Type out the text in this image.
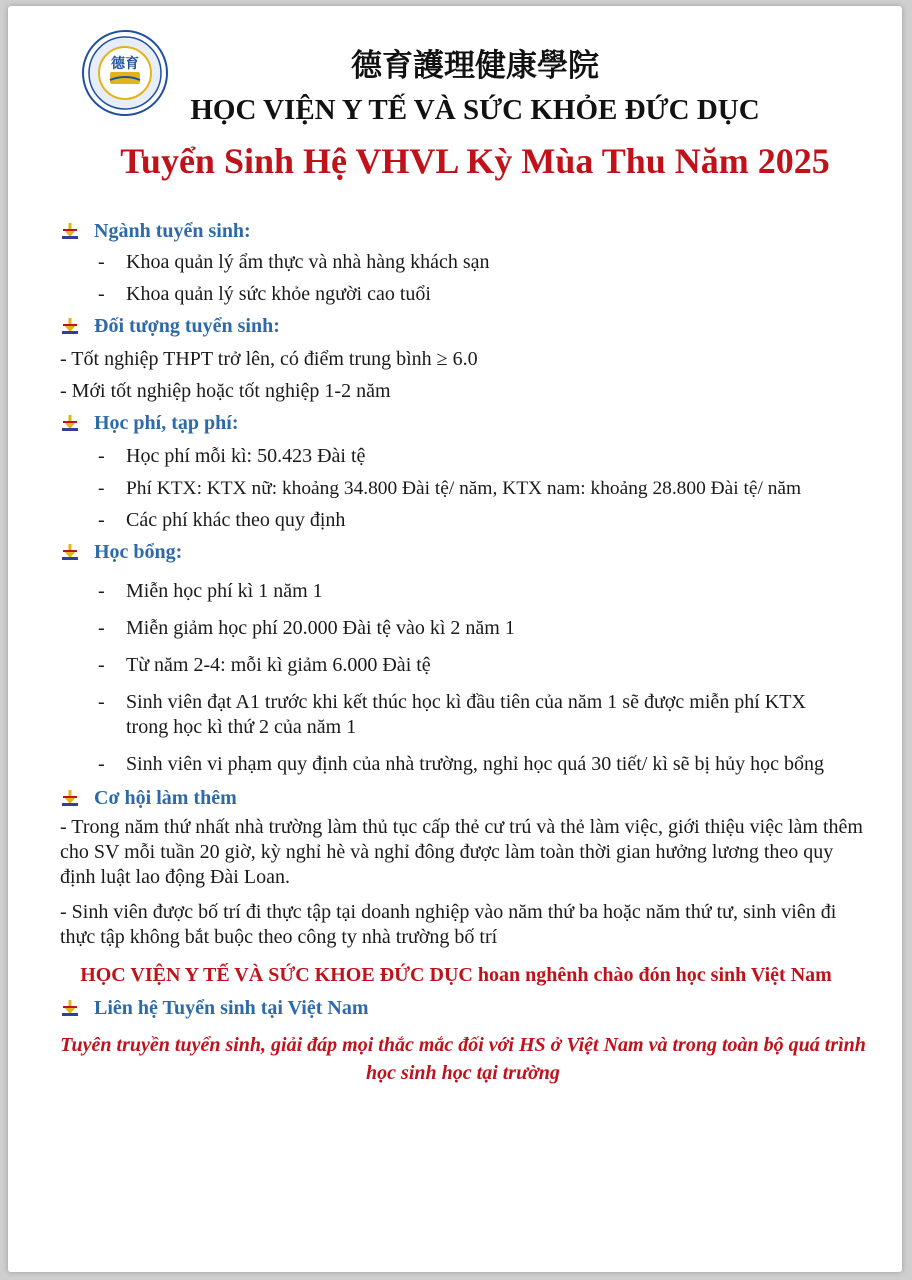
德育	德育護理健康學院
HỌC VIỆN Y TẾ VÀ SỨC KHỎE ĐỨC DỤC
Tuyển Sinh Hệ VHVL Kỳ Mùa Thu Năm 2025
Ngành tuyển sinh:
-	Khoa quản lý ẩm thực và nhà hàng khách sạn
-	Khoa quản lý sức khỏe người cao tuổi
Đối tượng tuyển sinh:
- Tốt nghiệp THPT trở lên, có điểm trung bình ≥ 6.0
- Mới tốt nghiệp hoặc tốt nghiệp 1-2 năm
Học phí, tạp phí:
-	Học phí mỗi kì: 50.423 Đài tệ
-	Phí KTX: KTX nữ: khoảng 34.800 Đài tệ/ năm, KTX nam: khoảng 28.800 Đài tệ/ năm
-	Các phí khác theo quy định
Học bổng:
-	Miễn học phí kì 1 năm 1
-	Miễn giảm học phí 20.000 Đài tệ vào kì 2 năm 1
-	Từ năm 2-4: mỗi kì giảm 6.000 Đài tệ
-	Sinh viên đạt A1 trước khi kết thúc học kì đầu tiên của năm 1 sẽ được miễn phí KTX trong học kì thứ 2 của năm 1
-	Sinh viên vi phạm quy định của nhà trường, nghỉ học quá 30 tiết/ kì sẽ bị hủy học bổng
Cơ hội làm thêm
- Trong năm thứ nhất nhà trường làm thủ tục cấp thẻ cư trú và thẻ làm việc, giới thiệu việc làm thêm cho SV mỗi tuần 20 giờ, kỳ nghỉ hè và nghỉ đông được làm toàn thời gian hưởng lương theo quy định luật lao động Đài Loan.
- Sinh viên được bố trí đi thực tập tại doanh nghiệp vào năm thứ ba hoặc năm thứ tư, sinh viên đi thực tập không bắt buộc theo công ty nhà trường bố trí
HỌC VIỆN Y TẾ VÀ SỨC KHOE ĐỨC DỤC hoan nghênh chào đón học sinh Việt Nam
Liên hệ Tuyển sinh tại Việt Nam
Tuyên truyền tuyển sinh, giải đáp mọi thắc mắc đối với HS ở Việt Nam và trong toàn bộ quá trình học sinh học tại trường
